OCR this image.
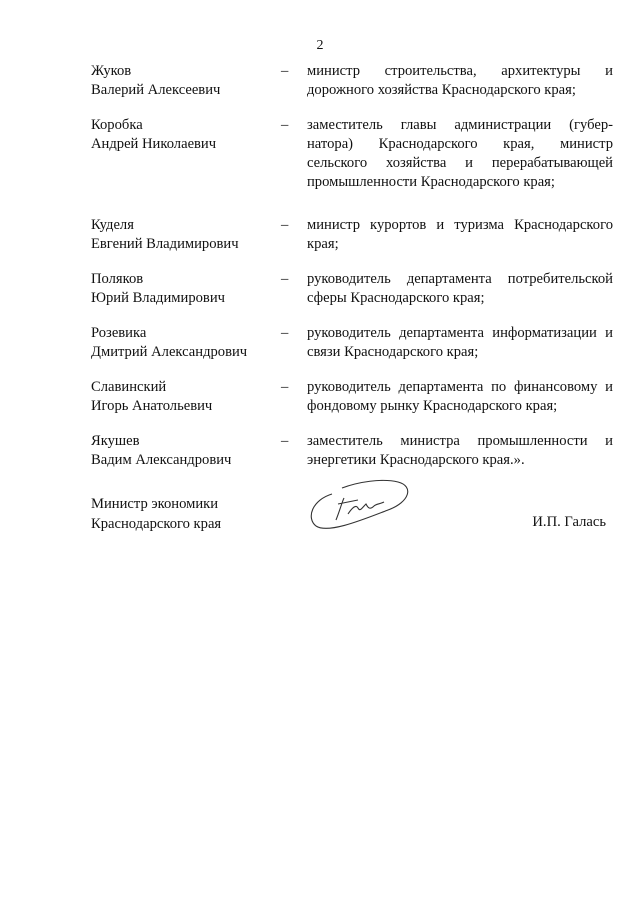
2
Жуков
Валерий Алексеевич
–	министр строительства, архитектуры и
дорожного хозяйства Краснодарского края;
Коробка
Андрей Николаевич
–	заместитель главы администрации (губер-
натора) Краснодарского края, министр
сельского хозяйства и перерабатывающей
промышленности Краснодарского края;
Куделя
Евгений Владимирович
–	министр курортов и туризма Краснодарского
края;
Поляков
Юрий Владимирович
–	руководитель департамента потребительской
сферы Краснодарского края;
Розевика
Дмитрий Александрович
–	руководитель департамента информатизации и
связи Краснодарского края;
Славинский
Игорь Анатольевич
–	руководитель департамента по финансовому и
фондовому рынку Краснодарского края;
Якушев
Вадим Александрович
–	заместитель министра промышленности и
энергетики Краснодарского края.».
Министр экономики
Краснодарского края	И.П. Галась
